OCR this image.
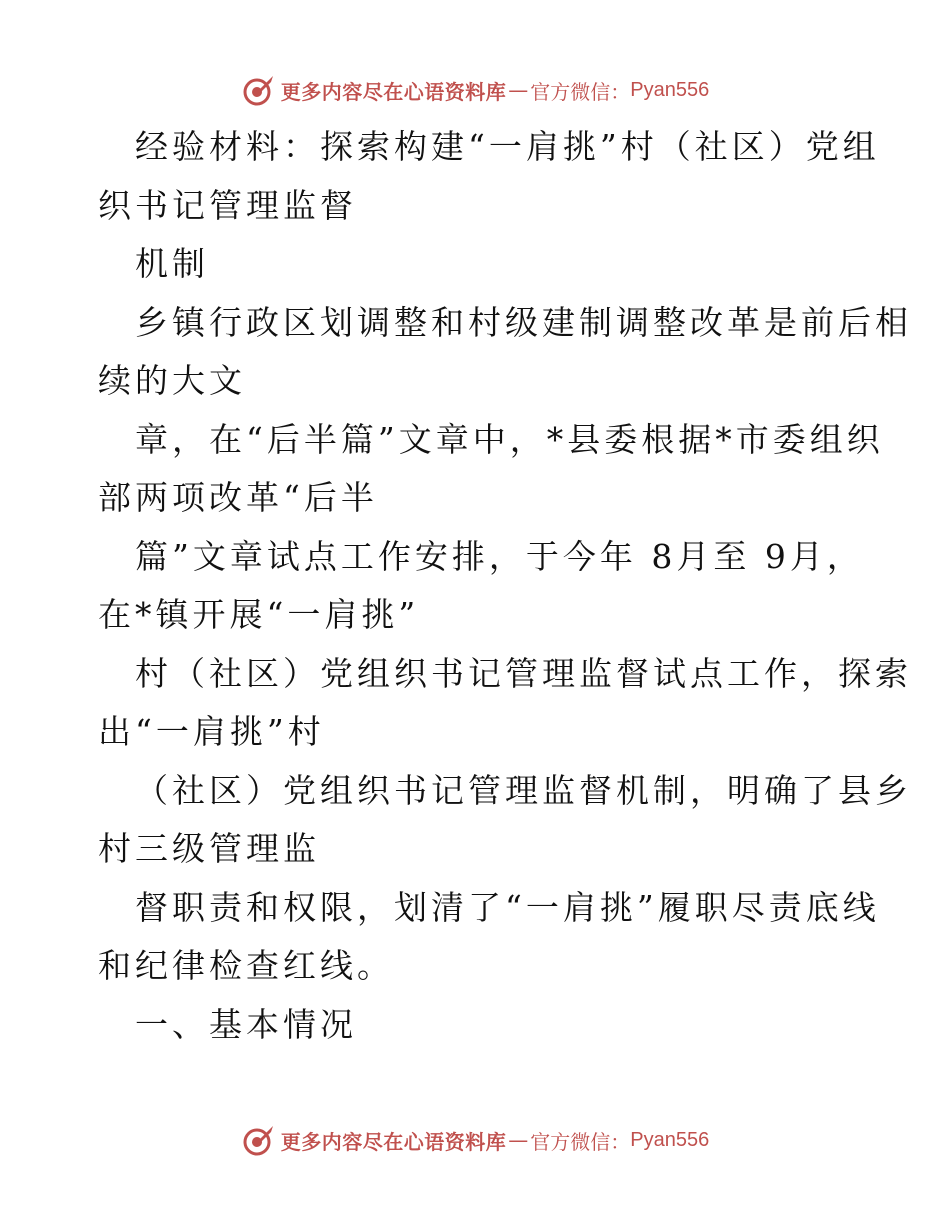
更多内容尽在心语资料库 — 官方微信： Pyan556
经验材料：探索构建“一肩挑”村（社区）党组
织书记管理监督
机制
乡镇行政区划调整和村级建制调整改革是前后相
续的大文
章，在“后半篇”文章中，*县委根据*市委组织
部两项改革“后半
篇”文章试点工作安排，于今年 8月至 9月，
在*镇开展“一肩挑”
村（社区）党组织书记管理监督试点工作，探索
出“一肩挑”村
（社区）党组织书记管理监督机制，明确了县乡
村三级管理监
督职责和权限，划清了“一肩挑”履职尽责底线
和纪律检查红线。
一、基本情况
更多内容尽在心语资料库 — 官方微信： Pyan556
